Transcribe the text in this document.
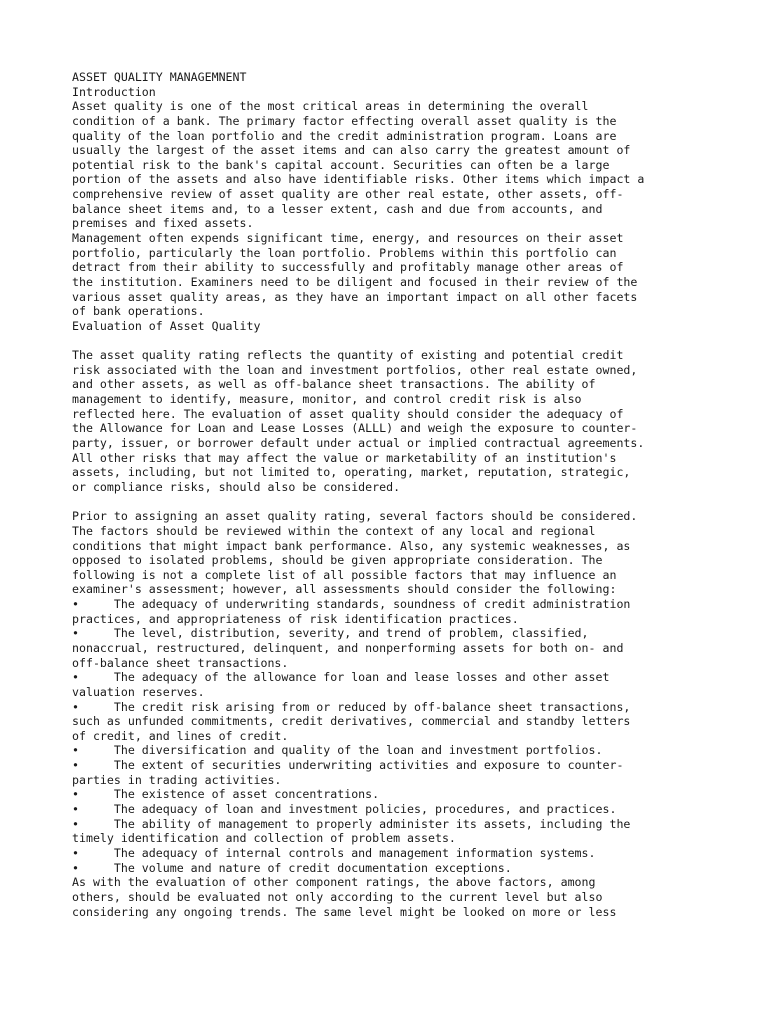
ASSET QUALITY MANAGEMNENT
Introduction
Asset quality is one of the most critical areas in determining the overall
condition of a bank. The primary factor effecting overall asset quality is the
quality of the loan portfolio and the credit administration program. Loans are
usually the largest of the asset items and can also carry the greatest amount of
potential risk to the bank's capital account. Securities can often be a large
portion of the assets and also have identifiable risks. Other items which impact a
comprehensive review of asset quality are other real estate, other assets, off-
balance sheet items and, to a lesser extent, cash and due from accounts, and
premises and fixed assets.
Management often expends significant time, energy, and resources on their asset
portfolio, particularly the loan portfolio. Problems within this portfolio can
detract from their ability to successfully and profitably manage other areas of
the institution. Examiners need to be diligent and focused in their review of the
various asset quality areas, as they have an important impact on all other facets
of bank operations.
Evaluation of Asset Quality
The asset quality rating reflects the quantity of existing and potential credit
risk associated with the loan and investment portfolios, other real estate owned,
and other assets, as well as off-balance sheet transactions. The ability of
management to identify, measure, monitor, and control credit risk is also
reflected here. The evaluation of asset quality should consider the adequacy of
the Allowance for Loan and Lease Losses (ALLL) and weigh the exposure to counter-
party, issuer, or borrower default under actual or implied contractual agreements.
All other risks that may affect the value or marketability of an institution's
assets, including, but not limited to, operating, market, reputation, strategic,
or compliance risks, should also be considered.
Prior to assigning an asset quality rating, several factors should be considered.
The factors should be reviewed within the context of any local and regional
conditions that might impact bank performance. Also, any systemic weaknesses, as
opposed to isolated problems, should be given appropriate consideration. The
following is not a complete list of all possible factors that may influence an
examiner's assessment; however, all assessments should consider the following:
•     The adequacy of underwriting standards, soundness of credit administration
practices, and appropriateness of risk identification practices.
•     The level, distribution, severity, and trend of problem, classified,
nonaccrual, restructured, delinquent, and nonperforming assets for both on- and
off-balance sheet transactions.
•     The adequacy of the allowance for loan and lease losses and other asset
valuation reserves.
•     The credit risk arising from or reduced by off-balance sheet transactions,
such as unfunded commitments, credit derivatives, commercial and standby letters
of credit, and lines of credit.
•     The diversification and quality of the loan and investment portfolios.
•     The extent of securities underwriting activities and exposure to counter-
parties in trading activities.
•     The existence of asset concentrations.
•     The adequacy of loan and investment policies, procedures, and practices.
•     The ability of management to properly administer its assets, including the
timely identification and collection of problem assets.
•     The adequacy of internal controls and management information systems.
•     The volume and nature of credit documentation exceptions.
As with the evaluation of other component ratings, the above factors, among
others, should be evaluated not only according to the current level but also
considering any ongoing trends. The same level might be looked on more or less
